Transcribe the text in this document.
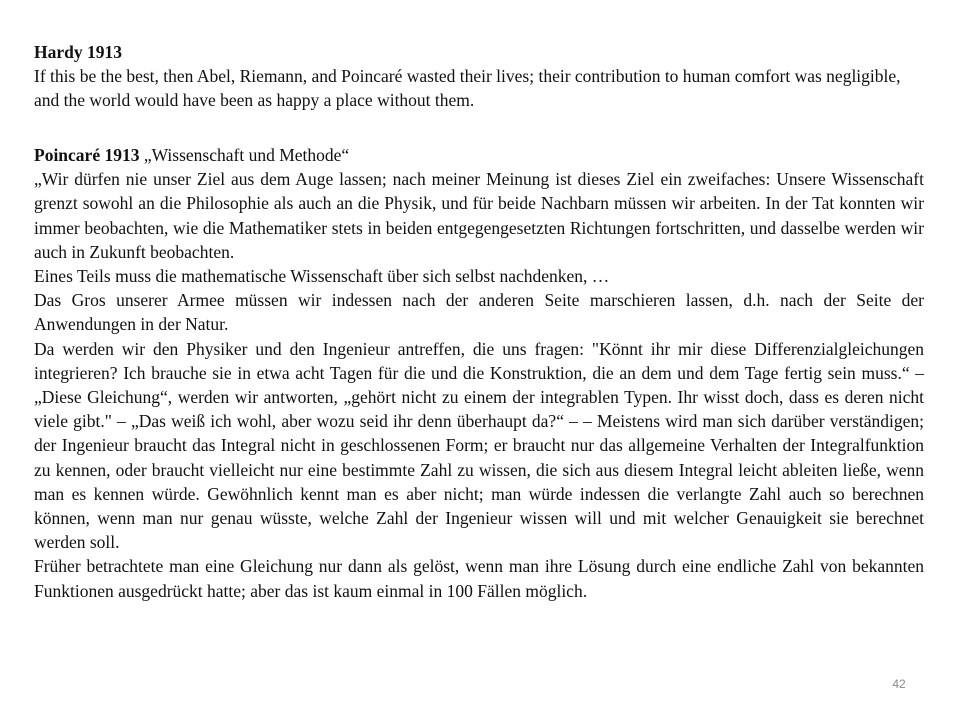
Hardy 1913

If this be the best, then Abel, Riemann, and Poincaré wasted their lives; their contribution to human comfort was negligible, and the world would have been as happy a place without them.

Poincaré 1913 „Wissenschaft und Methode“

„Wir dürfen nie unser Ziel aus dem Auge lassen; nach meiner Meinung ist dieses Ziel ein zweifaches: Unsere Wissenschaft grenzt sowohl an die Philosophie als auch an die Physik, und für beide Nachbarn müssen wir arbeiten. In der Tat konnten wir immer beobachten, wie die Mathematiker stets in beiden entgegengesetzten Richtungen fortschritten, und dasselbe werden wir auch in Zukunft beobachten.

Eines Teils muss die mathematische Wissenschaft über sich selbst nachdenken, …

Das Gros unserer Armee müssen wir indessen nach der anderen Seite marschieren lassen, d.h. nach der Seite der Anwendungen in der Natur.

Da werden wir den Physiker und den Ingenieur antreffen, die uns fragen: "Könnt ihr mir diese Differenzialgleichungen integrieren? Ich brauche sie in etwa acht Tagen für die und die Konstruktion, die an dem und dem Tage fertig sein muss.“ – „Diese Gleichung“, werden wir antworten, „gehört nicht zu einem der integrablen Typen. Ihr wisst doch, dass es deren nicht viele gibt." – „Das weiß ich wohl, aber wozu seid ihr denn überhaupt da?“ – – Meistens wird man sich darüber verständigen; der Ingenieur braucht das Integral nicht in geschlossenen Form; er braucht nur das allgemeine Verhalten der Integralfunktion zu kennen, oder braucht vielleicht nur eine bestimmte Zahl zu wissen, die sich aus diesem Integral leicht ableiten ließe, wenn man es kennen würde. Gewöhnlich kennt man es aber nicht; man würde indessen die verlangte Zahl auch so berechnen können, wenn man nur genau wüsste, welche Zahl der Ingenieur wissen will und mit welcher Genauigkeit sie berechnet werden soll.

Früher betrachtete man eine Gleichung nur dann als gelöst, wenn man ihre Lösung durch eine endliche Zahl von bekannten Funktionen ausgedrückt hatte; aber das ist kaum einmal in 100 Fällen möglich.

42
